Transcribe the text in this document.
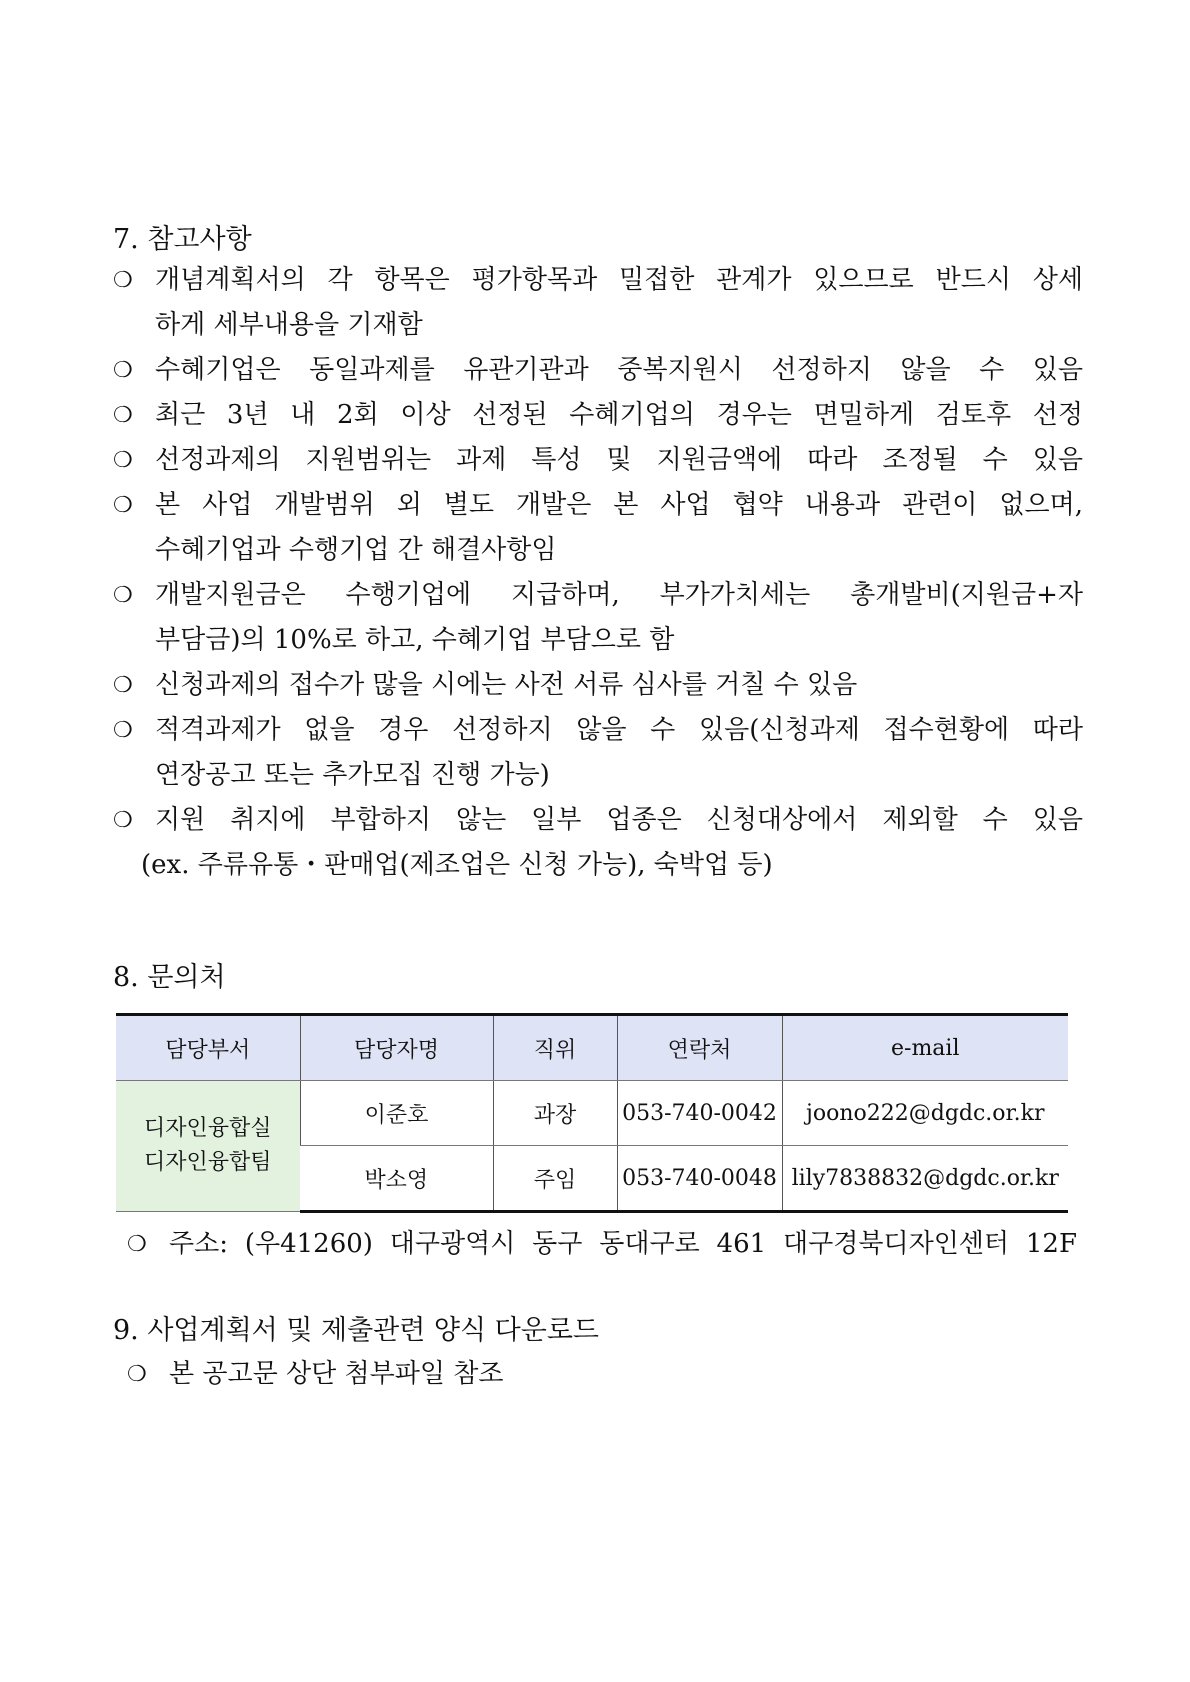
7. 참고사항
❍ 개념계획서의 각 항목은 평가항목과 밀접한 관계가 있으므로 반드시 상세
하게 세부내용을 기재함
❍ 수혜기업은 동일과제를 유관기관과 중복지원시 선정하지 않을 수 있음
❍ 최근 3년 내 2회 이상 선정된 수혜기업의 경우는 면밀하게 검토후 선정
❍ 선정과제의 지원범위는 과제 특성 및 지원금액에 따라 조정될 수 있음
❍ 본 사업 개발범위 외 별도 개발은 본 사업 협약 내용과 관련이 없으며,
수혜기업과 수행기업 간 해결사항임
❍ 개발지원금은 수행기업에 지급하며, 부가가치세는 총개발비(지원금+자
부담금)의 10%로 하고, 수혜기업 부담으로 함
❍ 신청과제의 접수가 많을 시에는 사전 서류 심사를 거칠 수 있음
❍ 적격과제가 없을 경우 선정하지 않을 수 있음(신청과제 접수현황에 따라
연장공고 또는 추가모집 진행 가능)
❍ 지원 취지에 부합하지 않는 일부 업종은 신청대상에서 제외할 수 있음
(ex. 주류유통・판매업(제조업은 신청 가능), 숙박업 등)
8. 문의처
담당부서	담당자명	직위	연락처	e-mail

디자인융합실
디자인융합팀	이준호	과장	053-740-0042	joono222@dgdc.or.kr
	박소영	주임	053-740-0048	lily7838832@dgdc.or.kr
❍ 주소: (우41260) 대구광역시 동구 동대구로 461 대구경북디자인센터 12F
9. 사업계획서 및 제출관련 양식 다운로드
❍ 본 공고문 상단 첨부파일 참조
